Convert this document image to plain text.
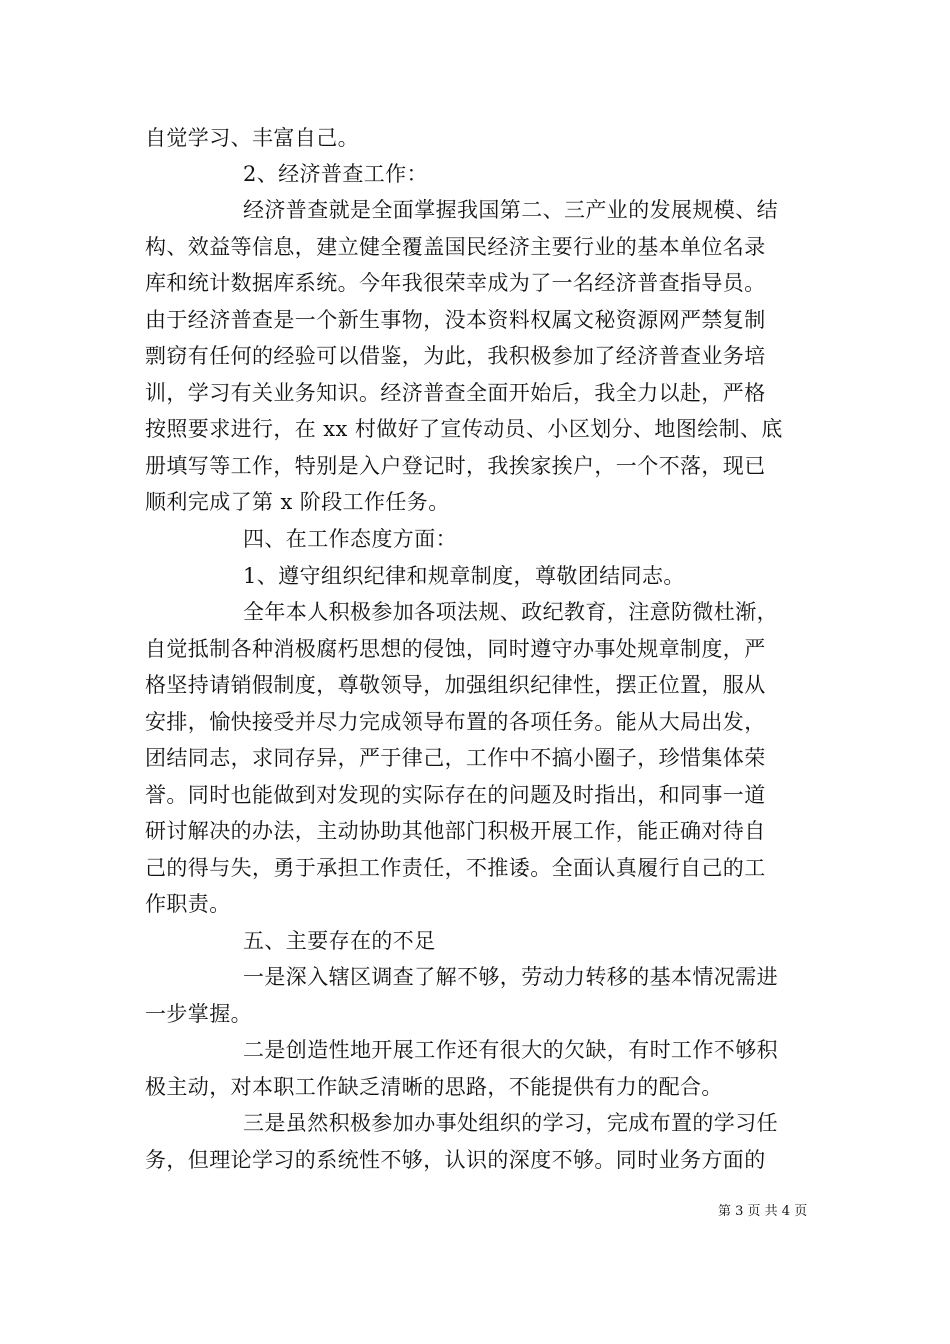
自觉学习、丰富自己。
2、经济普查工作：
经济普查就是全面掌握我国第二、三产业的发展规模、结
构、效益等信息，建立健全覆盖国民经济主要行业的基本单位名录
库和统计数据库系统。今年我很荣幸成为了一名经济普查指导员。
由于经济普查是一个新生事物，没本资料权属文秘资源网严禁复制
剽窃有任何的经验可以借鉴，为此，我积极参加了经济普查业务培
训，学习有关业务知识。经济普查全面开始后，我全力以赴，严格
按照要求进行，在 xx 村做好了宣传动员、小区划分、地图绘制、底
册填写等工作，特别是入户登记时，我挨家挨户，一个不落，现已
顺利完成了第 x 阶段工作任务。
四、在工作态度方面：
1、遵守组织纪律和规章制度，尊敬团结同志。
全年本人积极参加各项法规、政纪教育，注意防微杜渐，
自觉抵制各种消极腐朽思想的侵蚀，同时遵守办事处规章制度，严
格坚持请销假制度，尊敬领导，加强组织纪律性，摆正位置，服从
安排，愉快接受并尽力完成领导布置的各项任务。能从大局出发，
团结同志，求同存异，严于律己，工作中不搞小圈子，珍惜集体荣
誉。同时也能做到对发现的实际存在的问题及时指出，和同事一道
研讨解决的办法，主动协助其他部门积极开展工作，能正确对待自
己的得与失，勇于承担工作责任，不推诿。全面认真履行自己的工
作职责。
五、主要存在的不足
一是深入辖区调查了解不够，劳动力转移的基本情况需进
一步掌握。
二是创造性地开展工作还有很大的欠缺，有时工作不够积
极主动，对本职工作缺乏清晰的思路，不能提供有力的配合。
三是虽然积极参加办事处组织的学习，完成布置的学习任
务，但理论学习的系统性不够，认识的深度不够。同时业务方面的
第 3 页 共 4 页
